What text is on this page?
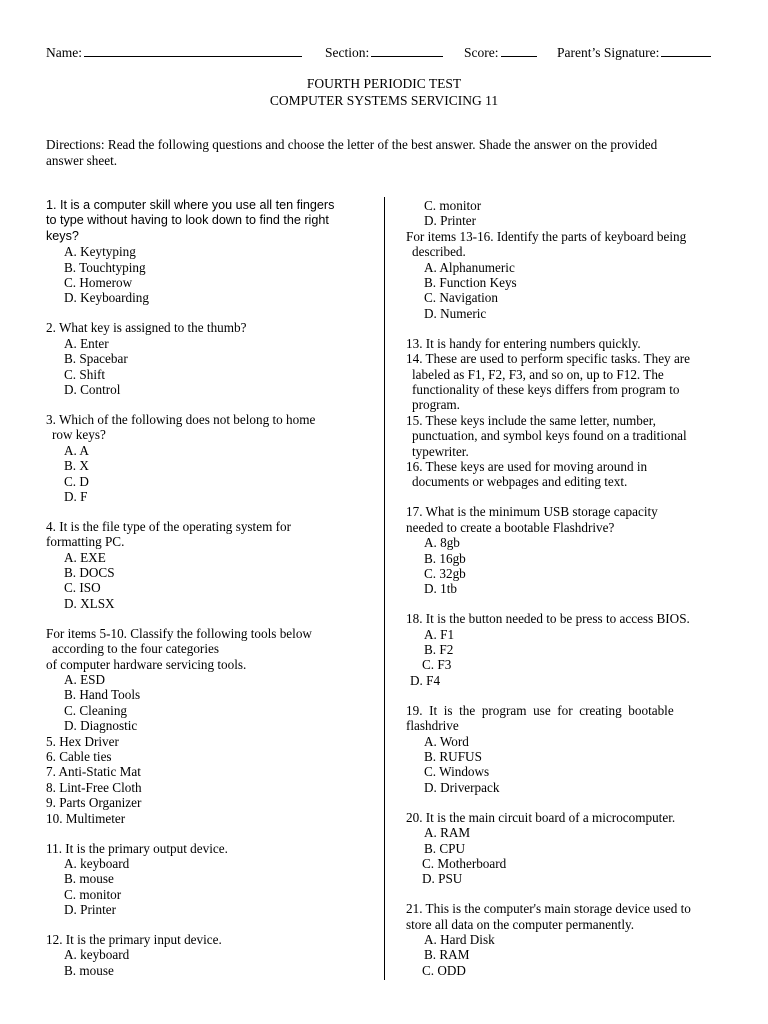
Name:	Section:	Score:	Parent’s Signature:
FOURTH PERIODIC TEST
COMPUTER SYSTEMS SERVICING 11
Directions: Read the following questions and choose the letter of the best answer. Shade the answer on the provided
answer sheet.
1. It is a computer skill where you use all ten fingers
to type without having to look down to find the right
keys?
A. Keytyping
B. Touchtyping
C. Homerow
D. Keyboarding
2. What key is assigned to the thumb?
A. Enter
B. Spacebar
C. Shift
D. Control
3. Which of the following does not belong to home
row keys?
A. A
B. X
C. D
D. F
4. It is the file type of the operating system for
formatting PC.
A. EXE
B. DOCS
C. ISO
D. XLSX
For items 5-10. Classify the following tools below
according to the four categories
of computer hardware servicing tools.
A. ESD
B. Hand Tools
C. Cleaning
D. Diagnostic
5. Hex Driver
6. Cable ties
7. Anti-Static Mat
8. Lint-Free Cloth
9. Parts Organizer
10. Multimeter
11. It is the primary output device.
A. keyboard
B. mouse
C. monitor
D. Printer
12. It is the primary input device.
A. keyboard
B. mouse
C. monitor
D. Printer
For items 13-16. Identify the parts of keyboard being
described.
A. Alphanumeric
B. Function Keys
C. Navigation
D. Numeric
13. It is handy for entering numbers quickly.
14. These are used to perform specific tasks. They are
labeled as F1, F2, F3, and so on, up to F12. The
functionality of these keys differs from program to
program.
15. These keys include the same letter, number,
punctuation, and symbol keys found on a traditional
typewriter.
16. These keys are used for moving around in
documents or webpages and editing text.
17. What is the minimum USB storage capacity
needed to create a bootable Flashdrive?
A. 8gb
B. 16gb
C. 32gb
D. 1tb
18. It is the button needed to be press to access BIOS.
A. F1
B. F2
C. F3
D. F4
19.  It  is  the  program  use  for  creating  bootable
flashdrive
A. Word
B. RUFUS
C. Windows
D. Driverpack
20. It is the main circuit board of a microcomputer.
A. RAM
B. CPU
C. Motherboard
D. PSU
21. This is the computer's main storage device used to
store all data on the computer permanently.
A. Hard Disk
B. RAM
C. ODD
